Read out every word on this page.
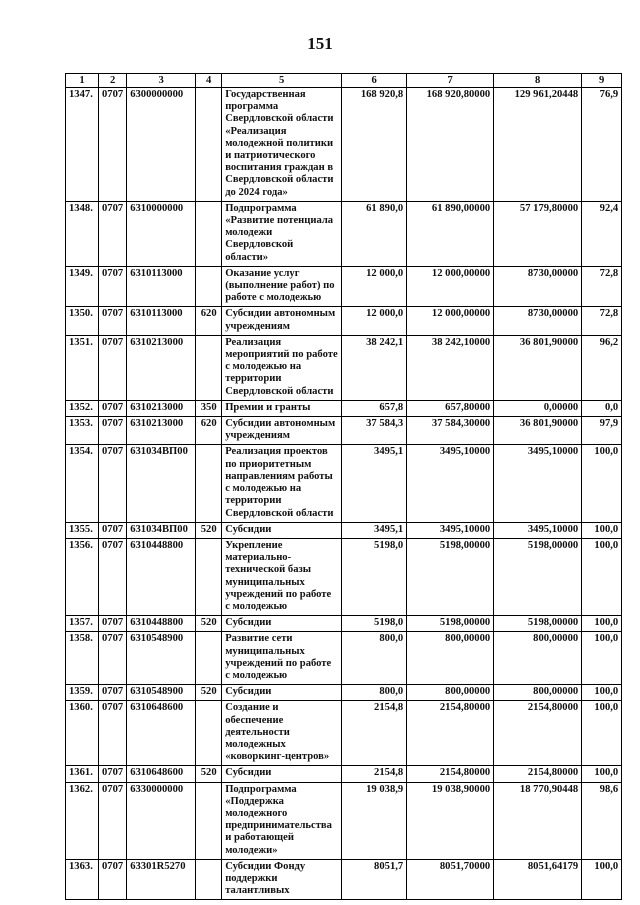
151
1	2	3	4	5	6	7	8	9
1347.	0707	6300000000		Государственная программа Свердловской области «Реализация молодежной политики и патриотического воспитания граждан в Свердловской области до 2024 года»	168 920,8	168 920,80000	129 961,20448	76,9
1348.	0707	6310000000		Подпрограмма «Развитие потенциала молодежи Свердловской области»	61 890,0	61 890,00000	57 179,80000	92,4
1349.	0707	6310113000		Оказание услуг (выполнение работ) по работе с молодежью	12 000,0	12 000,00000	8730,00000	72,8
1350.	0707	6310113000	620	Субсидии автономным учреждениям	12 000,0	12 000,00000	8730,00000	72,8
1351.	0707	6310213000		Реализация мероприятий по работе с молодежью на территории Свердловской области	38 242,1	38 242,10000	36 801,90000	96,2
1352.	0707	6310213000	350	Премии и гранты	657,8	657,80000	0,00000	0,0
1353.	0707	6310213000	620	Субсидии автономным учреждениям	37 584,3	37 584,30000	36 801,90000	97,9
1354.	0707	631034ВП00		Реализация проектов по приоритетным направлениям работы с молодежью на территории Свердловской области	3495,1	3495,10000	3495,10000	100,0
1355.	0707	631034ВП00	520	Субсидии	3495,1	3495,10000	3495,10000	100,0
1356.	0707	6310448800		Укрепление материально-технической базы муниципальных учреждений по работе с молодежью	5198,0	5198,00000	5198,00000	100,0
1357.	0707	6310448800	520	Субсидии	5198,0	5198,00000	5198,00000	100,0
1358.	0707	6310548900		Развитие сети муниципальных учреждений по работе с молодежью	800,0	800,00000	800,00000	100,0
1359.	0707	6310548900	520	Субсидии	800,0	800,00000	800,00000	100,0
1360.	0707	6310648600		Создание и обеспечение деятельности молодежных «коворкинг-центров»	2154,8	2154,80000	2154,80000	100,0
1361.	0707	6310648600	520	Субсидии	2154,8	2154,80000	2154,80000	100,0
1362.	0707	6330000000		Подпрограмма «Поддержка молодежного предпринимательства и работающей молодежи»	19 038,9	19 038,90000	18 770,90448	98,6
1363.	0707	63301R5270		Субсидии Фонду поддержки талантливых	8051,7	8051,70000	8051,64179	100,0
